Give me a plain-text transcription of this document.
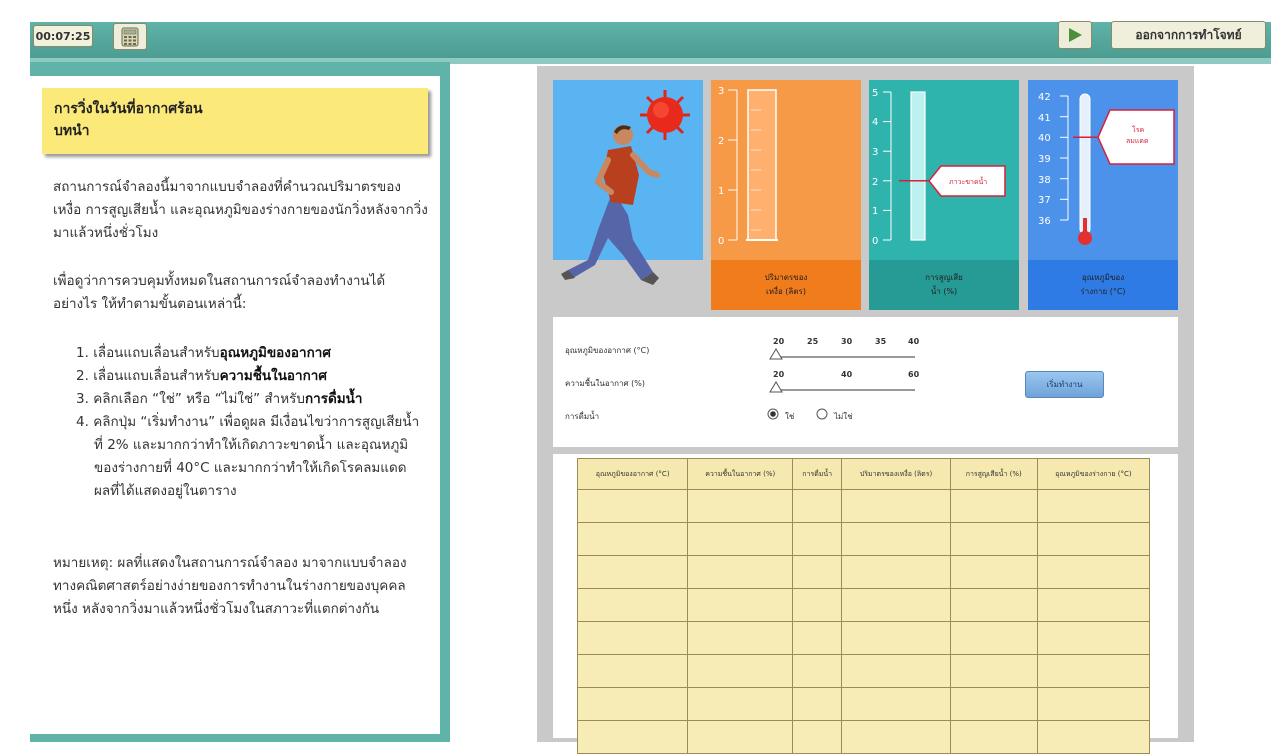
00:07:25	ออกจากการทำโจทย์
การวิ่งในวันที่อากาศร้อน
บทนำ
สถานการณ์จำลองนี้มาจากแบบจำลองที่คำนวณปริมาตรของเหงื่อ การสูญเสียน้ำ และอุณหภูมิของร่างกายของนักวิ่งหลังจากวิ่งมาแล้วหนึ่งชั่วโมง
เพื่อดูว่าการควบคุมทั้งหมดในสถานการณ์จำลองทำงานได้อย่างไร ให้ทำตามขั้นตอนเหล่านี้:
1. เลื่อนแถบเลื่อนสำหรับอุณหภูมิของอากาศ
2. เลื่อนแถบเลื่อนสำหรับความชื้นในอากาศ
3. คลิกเลือก “ใช่” หรือ “ไม่ใช่” สำหรับการดื่มน้ำ
4. คลิกปุ่ม “เริ่มทำงาน” เพื่อดูผล มีเงื่อนไขว่าการสูญเสียน้ำที่ 2% และมากกว่าทำให้เกิดภาวะขาดน้ำ และอุณหภูมิของร่างกายที่ 40°C และมากกว่าทำให้เกิดโรคลมแดด ผลที่ได้แสดงอยู่ในตาราง
หมายเหตุ: ผลที่แสดงในสถานการณ์จำลอง มาจากแบบจำลองทางคณิตศาสตร์อย่างง่ายของการทำงานในร่างกายของบุคคลหนึ่ง หลังจากวิ่งมาแล้วหนึ่งชั่วโมงในสภาวะที่แตกต่างกัน
3
2
1
0
ปริมาตรของ
เหงื่อ (ลิตร)
5
4
3
2
1
0
ภาวะขาดน้ำ
การสูญเสีย
น้ำ (%)
42
41
40
39
38
37
36
โรค
ลมแดด
อุณหภูมิของ
ร่างกาย (°C)
อุณหภูมิของอากาศ (°C)
ความชื้นในอากาศ (%)
การดื่มน้ำ
20	25	30	35	40
20	40	60
ใช่	ไม่ใช่
เริ่มทำงาน
อุณหภูมิของอากาศ (°C)	ความชื้นในอากาศ (%)	การดื่มน้ำ	ปริมาตรของเหงื่อ (ลิตร)	การสูญเสียน้ำ (%)	อุณหภูมิของร่างกาย (°C)
